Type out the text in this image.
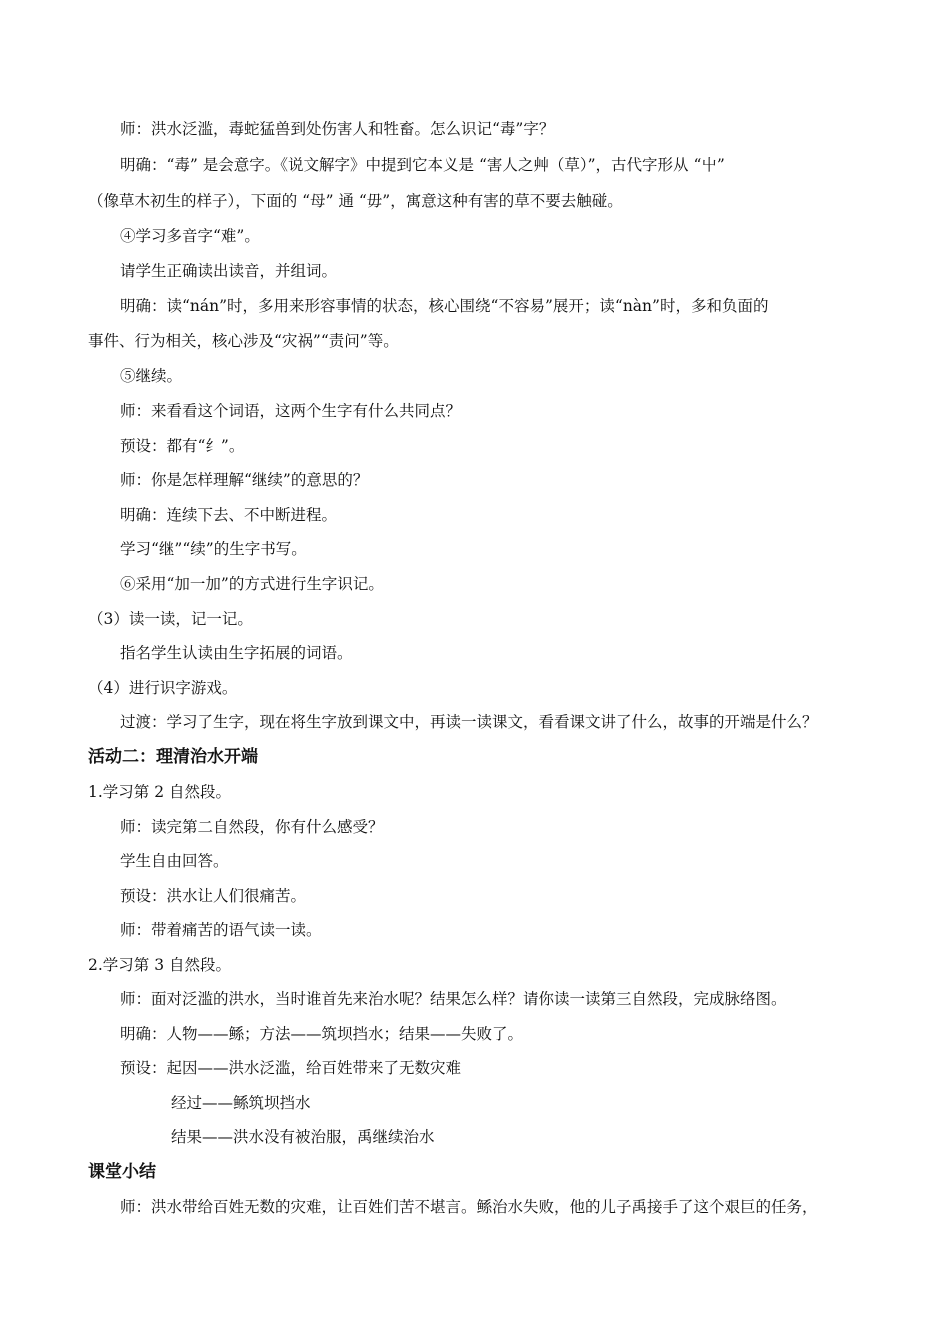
师：洪水泛滥，毒蛇猛兽到处伤害人和牲畜。怎么识记“毒”字？
明确：“毒” 是会意字。《说文解字》中提到它本义是 “害人之艸（草）”，古代字形从 “屮”
（像草木初生的样子），下面的 “母” 通 “毋”，寓意这种有害的草不要去触碰。
④学习多音字“难”。
请学生正确读出读音，并组词。
明确：读“nán”时，多用来形容事情的状态，核心围绕“不容易”展开；读“nàn”时，多和负面的
事件、行为相关，核心涉及“灾祸”“责问”等。
⑤继续。
师：来看看这个词语，这两个生字有什么共同点？
预设：都有“纟”。
师：你是怎样理解“继续”的意思的？
明确：连续下去、不中断进程。
学习“继”“续”的生字书写。
⑥采用“加一加”的方式进行生字识记。
（3）读一读，记一记。
指名学生认读由生字拓展的词语。
（4）进行识字游戏。
过渡：学习了生字，现在将生字放到课文中，再读一读课文，看看课文讲了什么，故事的开端是什么？
活动二：理清治水开端
1.学习第 2 自然段。
师：读完第二自然段，你有什么感受？
学生自由回答。
预设：洪水让人们很痛苦。
师：带着痛苦的语气读一读。
2.学习第 3 自然段。
师：面对泛滥的洪水，当时谁首先来治水呢？结果怎么样？请你读一读第三自然段，完成脉络图。
明确：人物——鲧；方法——筑坝挡水；结果——失败了。
预设：起因——洪水泛滥，给百姓带来了无数灾难
经过——鲧筑坝挡水
结果——洪水没有被治服，禹继续治水
课堂小结
师：洪水带给百姓无数的灾难，让百姓们苦不堪言。鲧治水失败，他的儿子禹接手了这个艰巨的任务，
